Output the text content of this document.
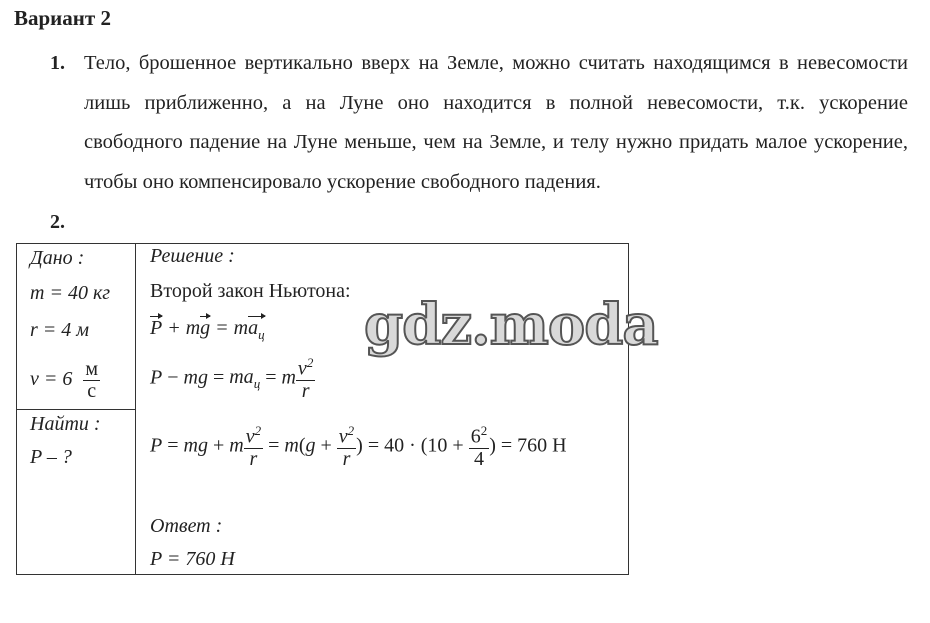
Вариант 2
1. Тело, брошенное вертикально вверх на Земле, можно считать находящимся в невесомости лишь приближенно, а на Луне оно находится в полной невесомости, т.к. ускорение свободного падение на Луне меньше, чем на Земле, и телу нужно придать малое ускорение, чтобы оно компенсировало ускорение свободного падения.
2.
Дано :
m = 40 кг
r = 4 м
$v = 6 \frac{м}{с}$

Решение :
Второй закон Ньютона:
P + mg = $ma_ц$
P − mg = $ma_ц = m \frac{v^2}{r}$
P = mg + m $\frac{v^2}{r} = m(g + \frac{v^2}{r}$ ) = $40 \cdot (10 + \frac{6^2}{4}$ ) = 760 Н
Ответ :
P = 760 Н

Найти :
P – ?
gdz.moda
